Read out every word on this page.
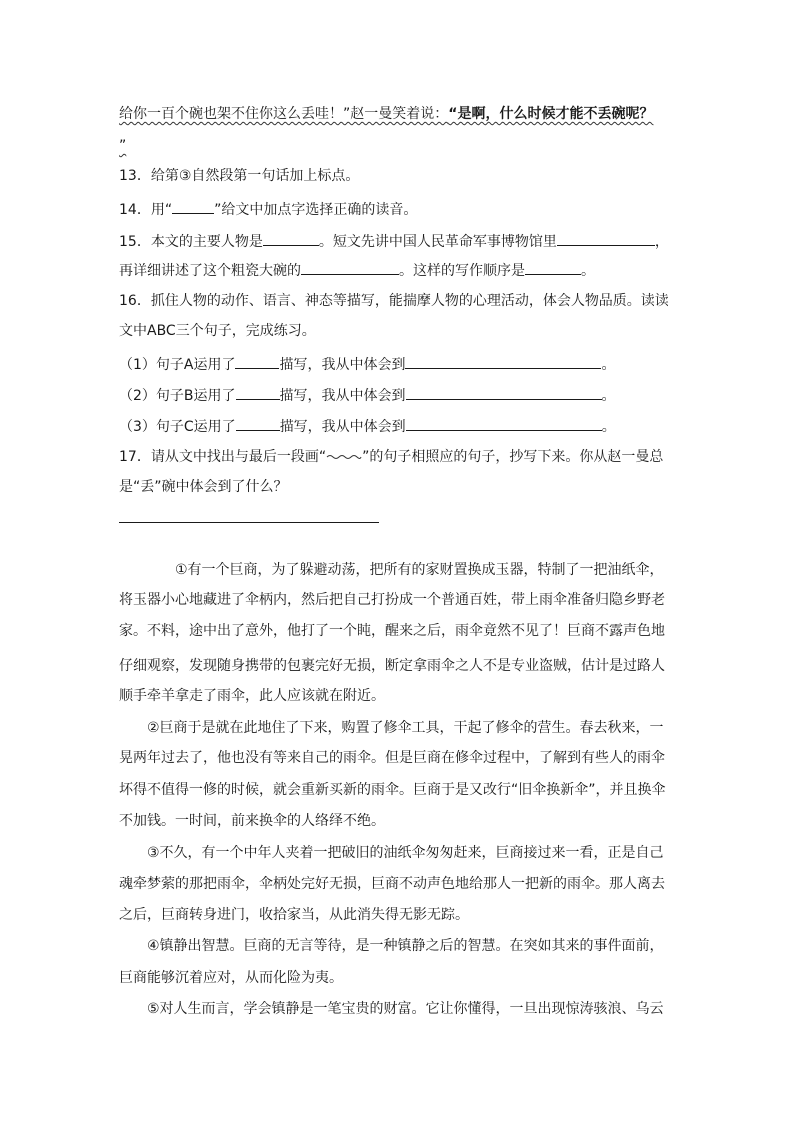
给你一百个碗也架不住你这么丢哇！”赵一曼笑着说：“是啊，什么时候才能不丢碗呢？

”

13．给第③自然段第一句话加上标点。

14．用“	”给文中加点字选择正确的读音。

15．本文的主要人物是	。短文先讲中国人民革命军事博物馆里	，

再详细讲述了这个粗瓷大碗的	。这样的写作顺序是	。

16．抓住人物的动作、语言、神态等描写，能揣摩人物的心理活动，体会人物品质。读读

文中ABC三个句子，完成练习。

（1）句子A运用了	描写，我从中体会到	。

（2）句子B运用了	描写，我从中体会到	。

（3）句子C运用了	描写，我从中体会到	。

17．请从文中找出与最后一段画“	”的句子相照应的句子，抄写下来。你从赵一曼总

是“丢”碗中体会到了什么？

①有一个巨商，为了躲避动荡，把所有的家财置换成玉器，特制了一把油纸伞，

将玉器小心地藏进了伞柄内，然后把自己打扮成一个普通百姓，带上雨伞准备归隐乡野老

家。不料，途中出了意外，他打了一个盹，醒来之后，雨伞竟然不见了！巨商不露声色地

仔细观察，发现随身携带的包裹完好无损，断定拿雨伞之人不是专业盗贼，估计是过路人

顺手牵羊拿走了雨伞，此人应该就在附近。

②巨商于是就在此地住了下来，购置了修伞工具，干起了修伞的营生。春去秋来，一

晃两年过去了，他也没有等来自己的雨伞。但是巨商在修伞过程中，了解到有些人的雨伞

坏得不值得一修的时候，就会重新买新的雨伞。巨商于是又改行“旧伞换新伞”，并且换伞

不加钱。一时间，前来换伞的人络绎不绝。

③不久，有一个中年人夹着一把破旧的油纸伞匆匆赶来，巨商接过来一看，正是自己

魂牵梦萦的那把雨伞，伞柄处完好无损，巨商不动声色地给那人一把新的雨伞。那人离去

之后，巨商转身进门，收拾家当，从此消失得无影无踪。

④镇静出智慧。巨商的无言等待，是一种镇静之后的智慧。在突如其来的事件面前，

巨商能够沉着应对，从而化险为夷。

⑤对人生而言，学会镇静是一笔宝贵的财富。它让你懂得，一旦出现惊涛骇浪、乌云
